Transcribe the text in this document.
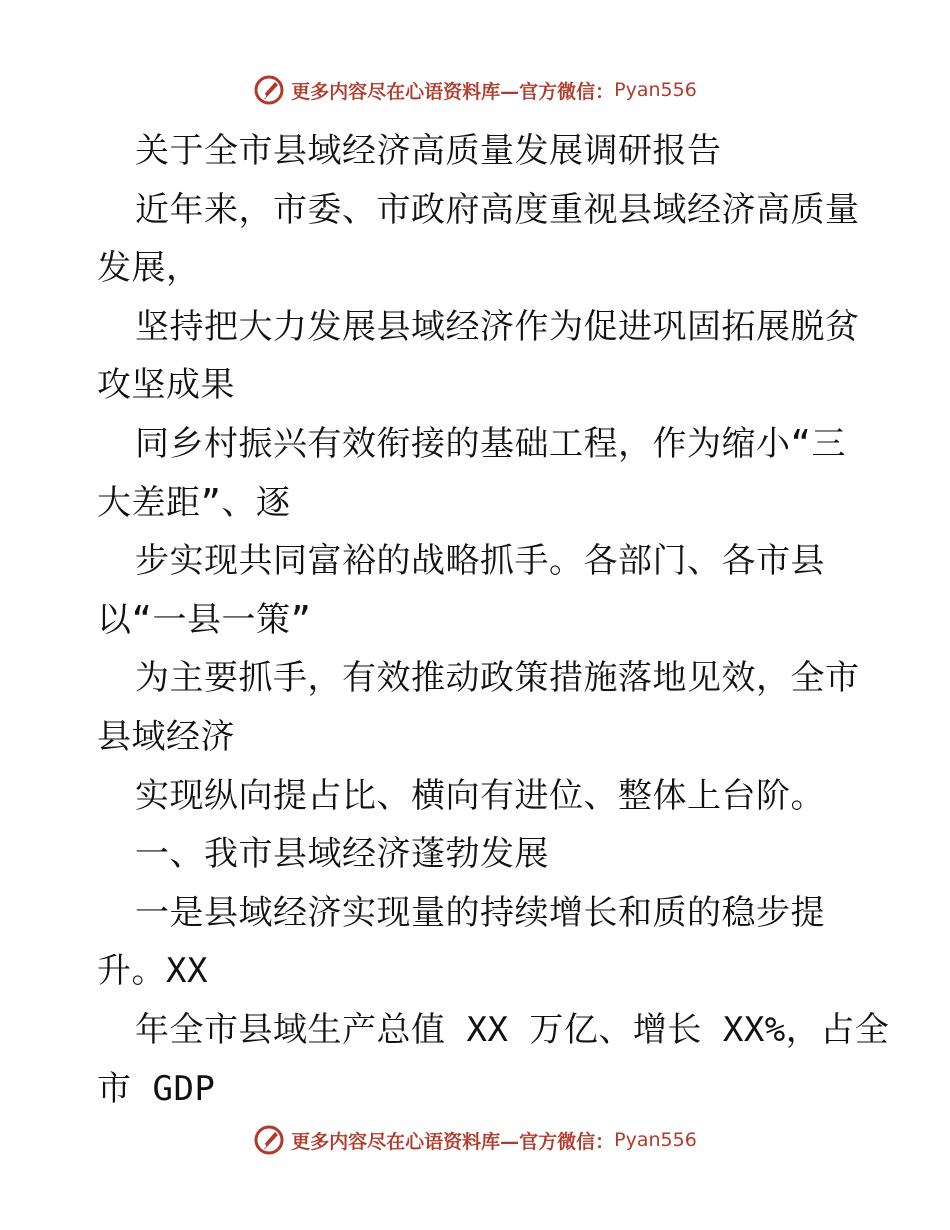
更多内容尽在心语资料库—官方微信： Pyan556
关于全市县域经济高质量发展调研报告
近年来，市委、市政府高度重视县域经济高质量
发展，
坚持把大力发展县域经济作为促进巩固拓展脱贫
攻坚成果
同乡村振兴有效衔接的基础工程，作为缩小“三
大差距”、逐
步实现共同富裕的战略抓手。各部门、各市县
以“一县一策”
为主要抓手，有效推动政策措施落地见效，全市
县域经济
实现纵向提占比、横向有进位、整体上台阶。
一、我市县域经济蓬勃发展
一是县域经济实现量的持续增长和质的稳步提
升。XX
年全市县域生产总值 XX 万亿、增长 XX%，占全
市 GDP
更多内容尽在心语资料库—官方微信： Pyan556
